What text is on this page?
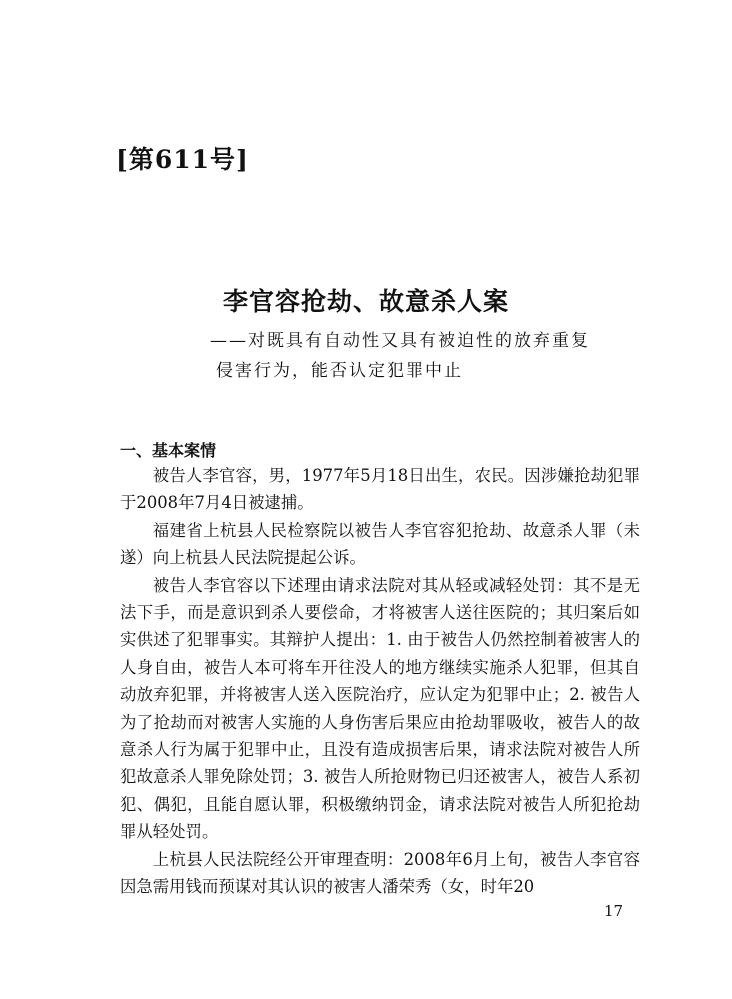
[第611号]
李官容抢劫、故意杀人案
——对既具有自动性又具有被迫性的放弃重复
侵害行为，能否认定犯罪中止
一、基本案情

被告人李官容，男，1977年5月18日出生，农民。因涉嫌抢劫犯罪于2008年7月4日被逮捕。

福建省上杭县人民检察院以被告人李官容犯抢劫、故意杀人罪（未遂）向上杭县人民法院提起公诉。

被告人李官容以下述理由请求法院对其从轻或减轻处罚：其不是无法下手，而是意识到杀人要偿命，才将被害人送往医院的；其归案后如实供述了犯罪事实。其辩护人提出：1. 由于被告人仍然控制着被害人的人身自由，被告人本可将车开往没人的地方继续实施杀人犯罪，但其自动放弃犯罪，并将被害人送入医院治疗，应认定为犯罪中止；2. 被告人为了抢劫而对被害人实施的人身伤害后果应由抢劫罪吸收，被告人的故意杀人行为属于犯罪中止，且没有造成损害后果，请求法院对被告人所犯故意杀人罪免除处罚；3. 被告人所抢财物已归还被害人，被告人系初犯、偶犯，且能自愿认罪，积极缴纳罚金，请求法院对被告人所犯抢劫罪从轻处罚。

上杭县人民法院经公开审理查明：2008年6月上旬，被告人李官容因急需用钱而预谋对其认识的被害人潘荣秀（女，时年20

17
